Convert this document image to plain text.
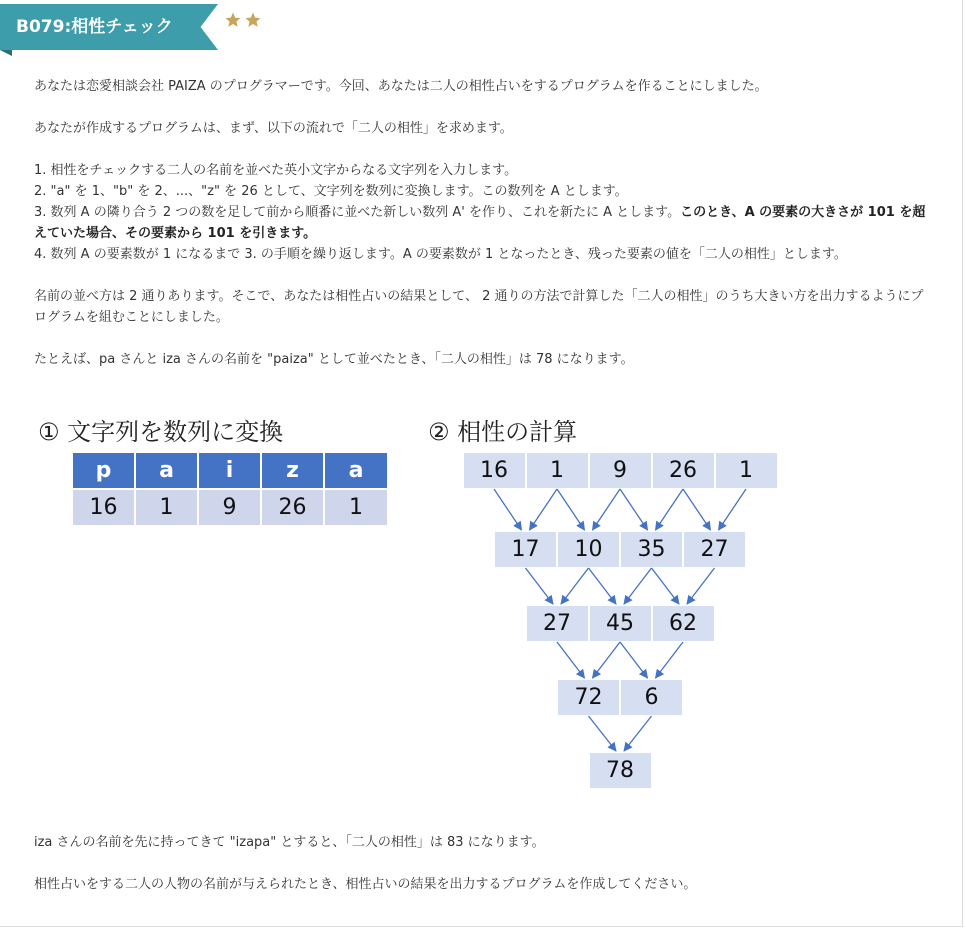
B079:相性チェック

あなたは恋愛相談会社 PAIZA のプログラマーです。今回、あなたは二人の相性占いをするプログラムを作ることにしました。

あなたが作成するプログラムは、まず、以下の流れで「二人の相性」を求めます。

1. 相性をチェックする二人の名前を並べた英小文字からなる文字列を入力します。

2. "a" を 1、"b" を 2、...、"z" を 26 として、文字列を数列に変換します。この数列を A とします。

3. 数列 A の隣り合う 2 つの数を足して前から順番に並べた新しい数列 A' を作り、これを新たに A とします。このとき、A の要素の大きさが 101 を超えていた場合、その要素から 101 を引きます。

4. 数列 A の要素数が 1 になるまで 3. の手順を繰り返します。A の要素数が 1 となったとき、残った要素の値を「二人の相性」とします。

名前の並べ方は 2 通りあります。そこで、あなたは相性占いの結果として、 2 通りの方法で計算した「二人の相性」のうち大きい方を出力するようにプログラムを組むことにしました。

たとえば、pa さんと iza さんの名前を "paiza" として並べたとき、「二人の相性」は 78 になります。

① 文字列を数列に変換	② 相性の計算
p	a	i	z	a
16	1	9	26	1
16	1	9	26	1
17	10	35	27
27	45	62
72	6
78

iza さんの名前を先に持ってきて "izapa" とすると、「二人の相性」は 83 になります。

相性占いをする二人の人物の名前が与えられたとき、相性占いの結果を出力するプログラムを作成してください。
